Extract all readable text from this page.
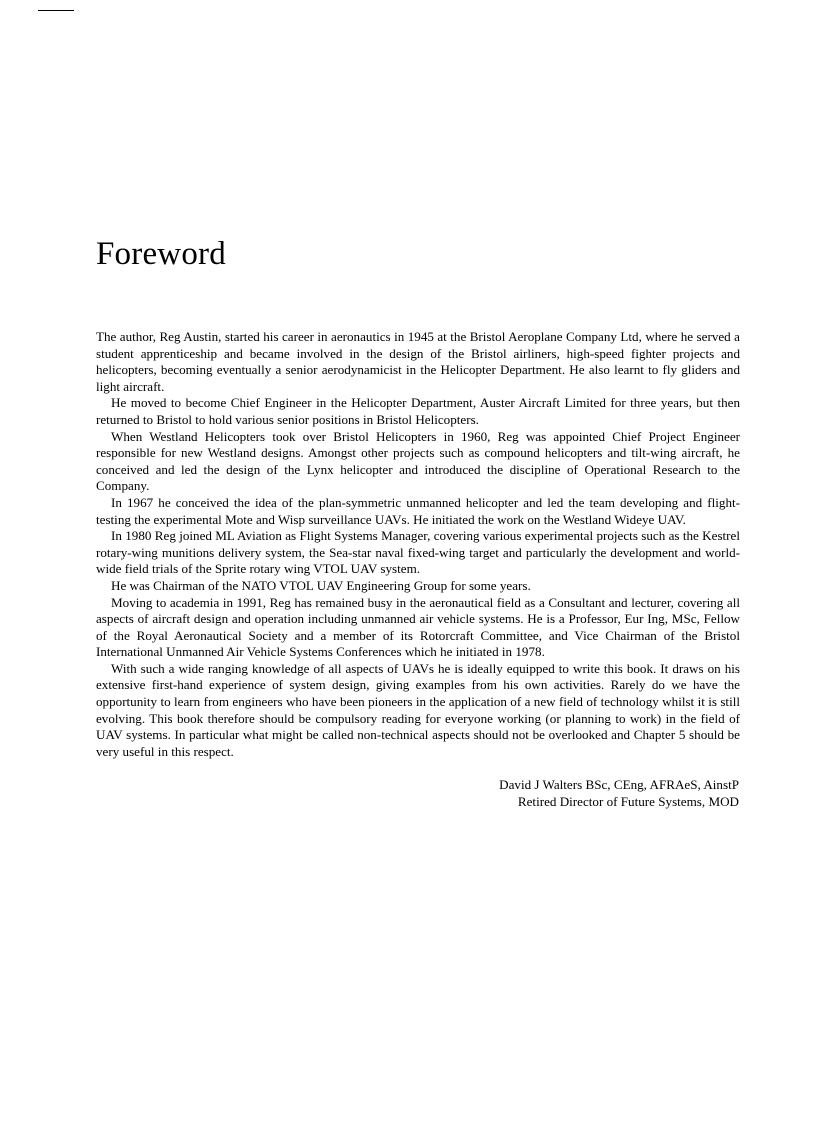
Foreword

The author, Reg Austin, started his career in aeronautics in 1945 at the Bristol Aeroplane Company Ltd, where he served a student apprenticeship and became involved in the design of the Bristol airliners, high-speed fighter projects and helicopters, becoming eventually a senior aerodynamicist in the Helicopter Department. He also learnt to fly gliders and light aircraft.

He moved to become Chief Engineer in the Helicopter Department, Auster Aircraft Limited for three years, but then returned to Bristol to hold various senior positions in Bristol Helicopters.

When Westland Helicopters took over Bristol Helicopters in 1960, Reg was appointed Chief Project Engineer responsible for new Westland designs. Amongst other projects such as compound helicopters and tilt-wing aircraft, he conceived and led the design of the Lynx helicopter and introduced the discipline of Operational Research to the Company.

In 1967 he conceived the idea of the plan-symmetric unmanned helicopter and led the team developing and flight-testing the experimental Mote and Wisp surveillance UAVs. He initiated the work on the Westland Wideye UAV.

In 1980 Reg joined ML Aviation as Flight Systems Manager, covering various experimental projects such as the Kestrel rotary-wing munitions delivery system, the Sea-star naval fixed-wing target and particularly the development and world-wide field trials of the Sprite rotary wing VTOL UAV system.

He was Chairman of the NATO VTOL UAV Engineering Group for some years.

Moving to academia in 1991, Reg has remained busy in the aeronautical field as a Consultant and lecturer, covering all aspects of aircraft design and operation including unmanned air vehicle systems. He is a Professor, Eur Ing, MSc, Fellow of the Royal Aeronautical Society and a member of its Rotorcraft Committee, and Vice Chairman of the Bristol International Unmanned Air Vehicle Systems Conferences which he initiated in 1978.

With such a wide ranging knowledge of all aspects of UAVs he is ideally equipped to write this book. It draws on his extensive first-hand experience of system design, giving examples from his own activities. Rarely do we have the opportunity to learn from engineers who have been pioneers in the application of a new field of technology whilst it is still evolving. This book therefore should be compulsory reading for everyone working (or planning to work) in the field of UAV systems. In particular what might be called non-technical aspects should not be overlooked and Chapter 5 should be very useful in this respect.

David J Walters BSc, CEng, AFRAeS, AinstP
Retired Director of Future Systems, MOD
